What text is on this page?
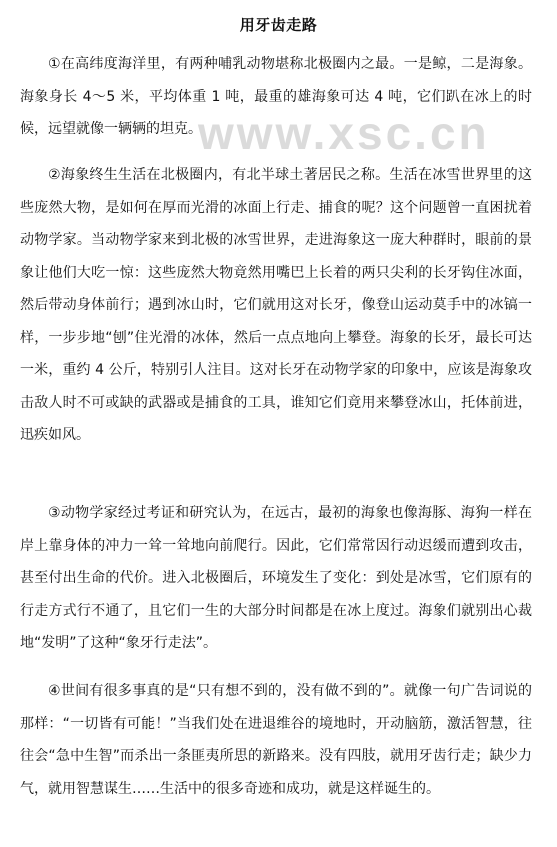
用牙齿走路

①在高纬度海洋里，有两种哺乳动物堪称北极圈内之最。一是鲸，二是海象。海象身长 4～5 米，平均体重 1 吨，最重的雄海象可达 4 吨，它们趴在冰上的时候，远望就像一辆辆的坦克。

②海象终生生活在北极圈内，有北半球土著居民之称。生活在冰雪世界里的这些庞然大物，是如何在厚而光滑的冰面上行走、捕食的呢？这个问题曾一直困扰着动物学家。当动物学家来到北极的冰雪世界，走进海象这一庞大种群时，眼前的景象让他们大吃一惊：这些庞然大物竟然用嘴巴上长着的两只尖利的长牙钩住冰面，然后带动身体前行；遇到冰山时，它们就用这对长牙，像登山运动莫手中的冰镐一样，一步步地“刨”住光滑的冰体，然后一点点地向上攀登。海象的长牙，最长可达一米，重约 4 公斤，特别引人注目。这对长牙在动物学家的印象中，应该是海象攻击敌人时不可或缺的武器或是捕食的工具，谁知它们竟用来攀登冰山，托体前进，迅疾如风。

③动物学家经过考证和研究认为，在远古，最初的海象也像海豚、海狗一样在岸上靠身体的冲力一耸一耸地向前爬行。因此，它们常常因行动迟缓而遭到攻击，甚至付出生命的代价。进入北极圈后，环境发生了变化：到处是冰雪，它们原有的行走方式行不通了，且它们一生的大部分时间都是在冰上度过。海象们就别出心裁地“发明”了这种“象牙行走法”。

④世间有很多事真的是“只有想不到的，没有做不到的”。就像一句广告词说的那样：“一切皆有可能！”当我们处在进退维谷的境地时，开动脑筋，激活智慧，往往会“急中生智”而杀出一条匪夷所思的新路来。没有四肢，就用牙齿行走；缺少力气，就用智慧谋生……生活中的很多奇迹和成功，就是这样诞生的。

www.xsc.cn
